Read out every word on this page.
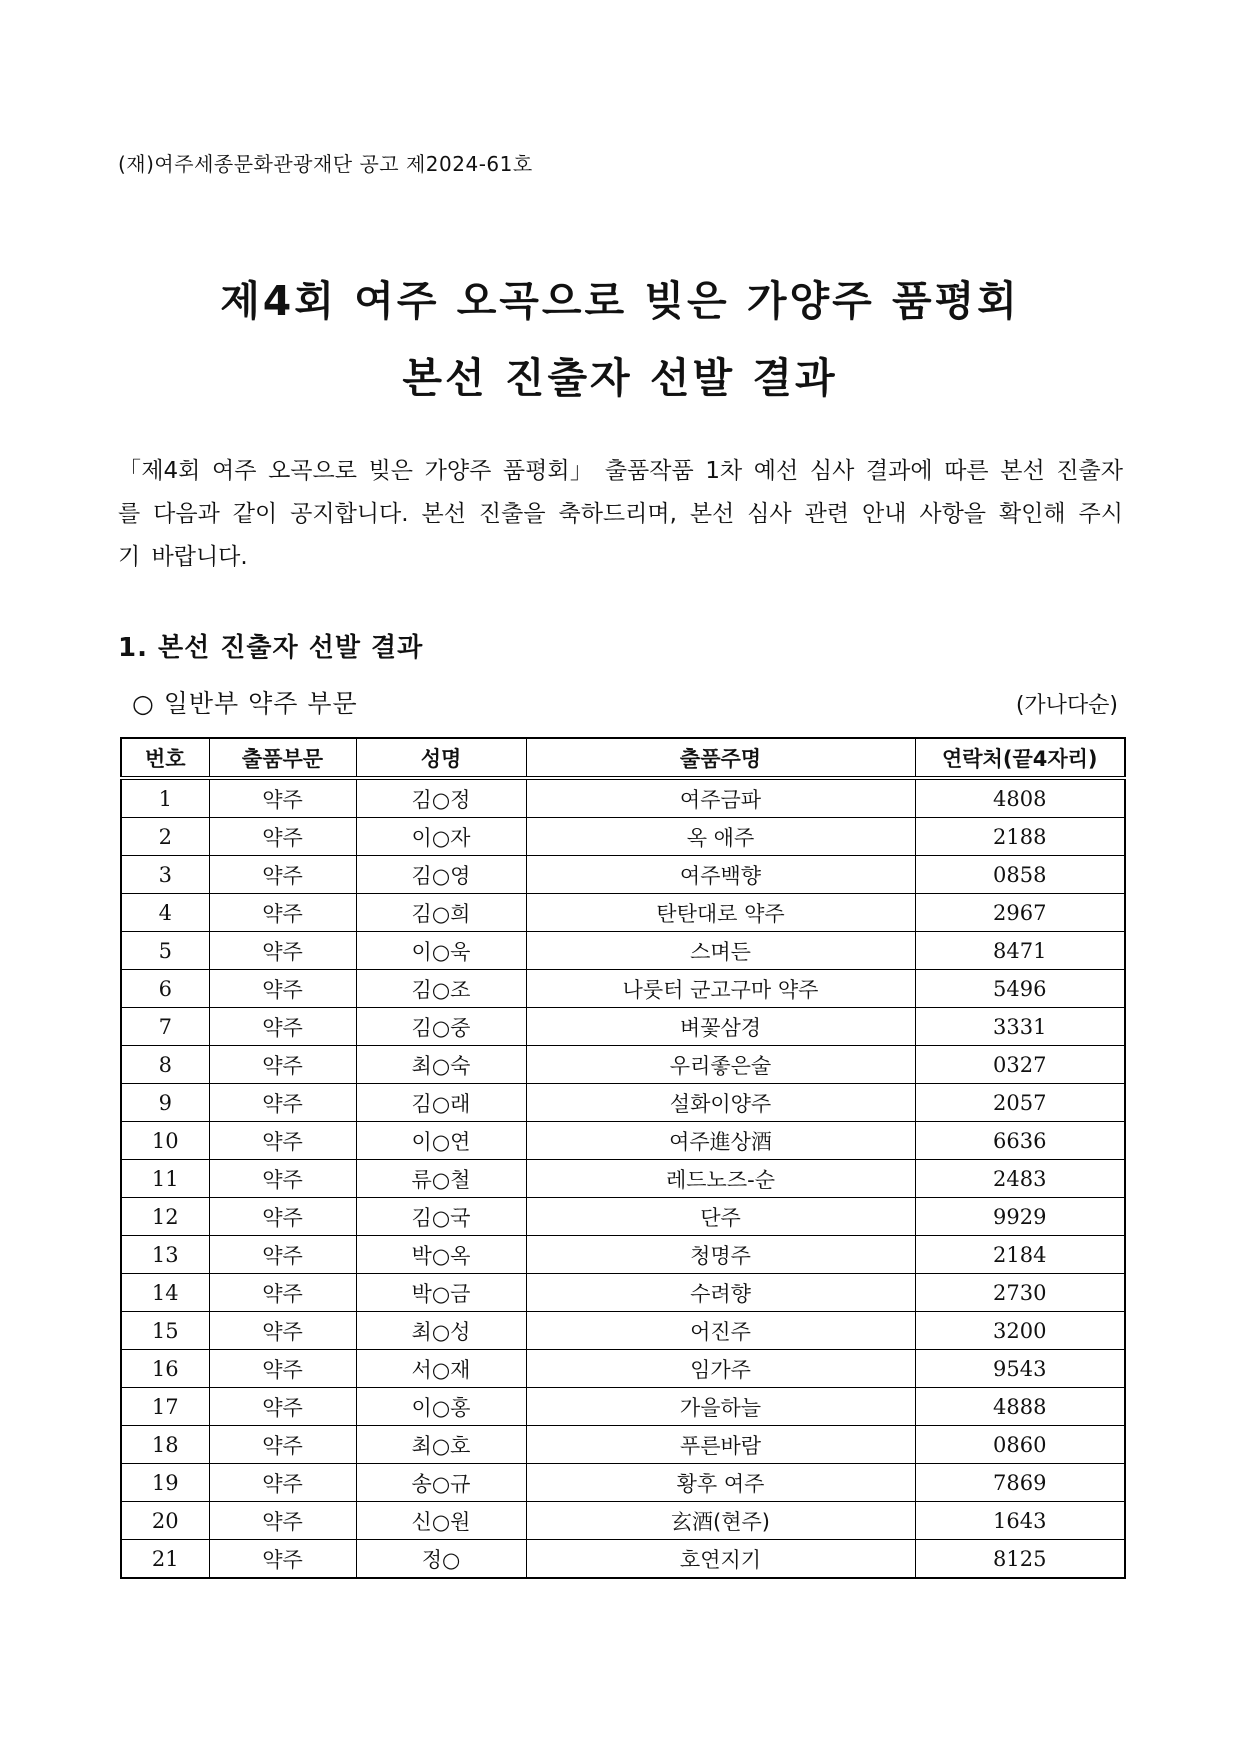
(재)여주세종문화관광재단 공고 제2024-61호
제4회 여주 오곡으로 빚은 가양주 품평회
본선 진출자 선발 결과
「제4회 여주 오곡으로 빚은 가양주 품평회」 출품작품 1차 예선 심사 결과에 따른 본선 진출자를 다음과 같이 공지합니다. 본선 진출을 축하드리며, 본선 심사 관련 안내 사항을 확인해 주시기 바랍니다.
1. 본선 진출자 선발 결과
○ 일반부 약주 부문	(가나다순)
번호	출품부문	성명	출품주명	연락처(끝4자리)
1	약주	김○정	여주금파	4808
2	약주	이○자	옥 애주	2188
3	약주	김○영	여주백향	0858
4	약주	김○희	탄탄대로 약주	2967
5	약주	이○욱	스며든	8471
6	약주	김○조	나룻터 군고구마 약주	5496
7	약주	김○중	벼꽃삼경	3331
8	약주	최○숙	우리좋은술	0327
9	약주	김○래	설화이양주	2057
10	약주	이○연	여주進상酒	6636
11	약주	류○철	레드노즈-순	2483
12	약주	김○국	단주	9929
13	약주	박○옥	청명주	2184
14	약주	박○금	수려향	2730
15	약주	최○성	어진주	3200
16	약주	서○재	임가주	9543
17	약주	이○홍	가을하늘	4888
18	약주	최○호	푸른바람	0860
19	약주	송○규	황후 여주	7869
20	약주	신○원	玄酒(현주)	1643
21	약주	정○	호연지기	8125
